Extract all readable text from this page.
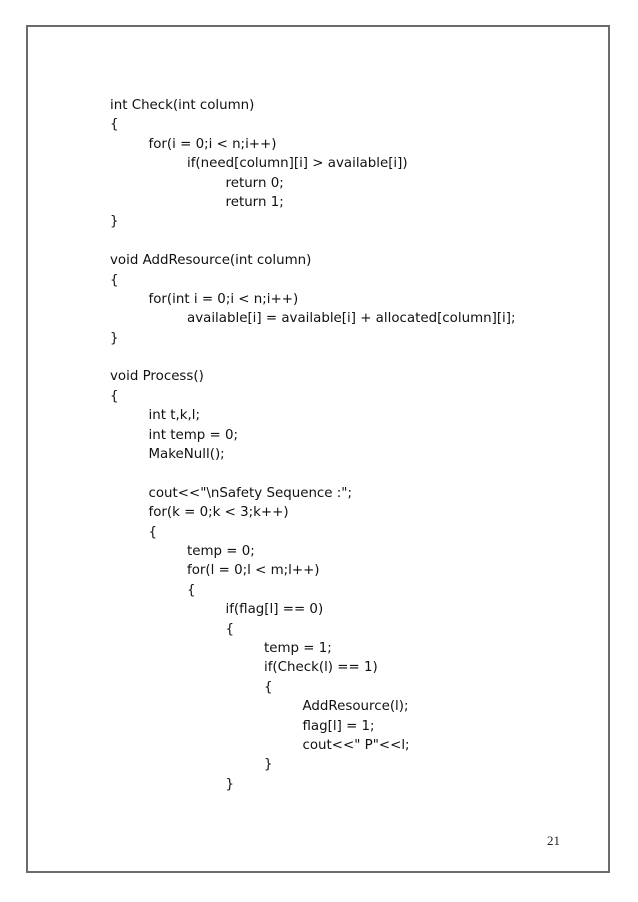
int Check(int column)
{
for(i = 0;i < n;i++)
if(need[column][i] > available[i])
return 0;
return 1;
}
void AddResource(int column)
{
for(int i = 0;i < n;i++)
available[i] = available[i] + allocated[column][i];
}
void Process()
{
int t,k,l;
int temp = 0;
MakeNull();
cout<<"\nSafety Sequence :";
for(k = 0;k < 3;k++)
{
temp = 0;
for(l = 0;l < m;l++)
{
if(flag[l] == 0)
{
temp = 1;
if(Check(l) == 1)
{
AddResource(l);
flag[l] = 1;
cout<<" P"<<l;
}
}
21
